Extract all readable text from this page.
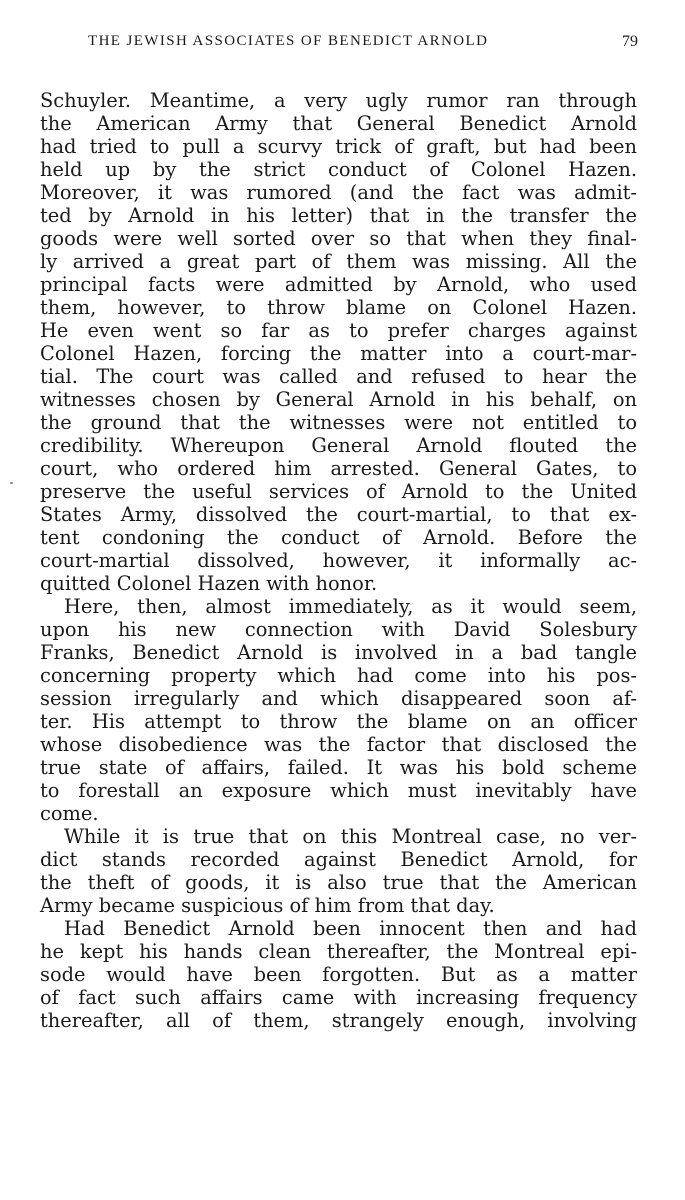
THE JEWISH ASSOCIATES OF BENEDICT ARNOLD	79
Schuyler. Meantime, a very ugly rumor ran through
the American Army that General Benedict Arnold
had tried to pull a scurvy trick of graft, but had been
held up by the strict conduct of Colonel Hazen.
Moreover, it was rumored (and the fact was admit-
ted by Arnold in his letter) that in the transfer the
goods were well sorted over so that when they final-
ly arrived a great part of them was missing. All the
principal facts were admitted by Arnold, who used
them, however, to throw blame on Colonel Hazen.
He even went so far as to prefer charges against
Colonel Hazen, forcing the matter into a court-mar-
tial. The court was called and refused to hear the
witnesses chosen by General Arnold in his behalf, on
the ground that the witnesses were not entitled to
credibility. Whereupon General Arnold flouted the
court, who ordered him arrested. General Gates, to
preserve the useful services of Arnold to the United
States Army, dissolved the court-martial, to that ex-
tent condoning the conduct of Arnold. Before the
court-martial dissolved, however, it informally ac-
quitted Colonel Hazen with honor.
Here, then, almost immediately, as it would seem,
upon his new connection with David Solesbury
Franks, Benedict Arnold is involved in a bad tangle
concerning property which had come into his pos-
session irregularly and which disappeared soon af-
ter. His attempt to throw the blame on an officer
whose disobedience was the factor that disclosed the
true state of affairs, failed. It was his bold scheme
to forestall an exposure which must inevitably have
come.
While it is true that on this Montreal case, no ver-
dict stands recorded against Benedict Arnold, for
the theft of goods, it is also true that the American
Army became suspicious of him from that day.
Had Benedict Arnold been innocent then and had
he kept his hands clean thereafter, the Montreal epi-
sode would have been forgotten. But as a matter
of fact such affairs came with increasing frequency
thereafter, all of them, strangely enough, involving
